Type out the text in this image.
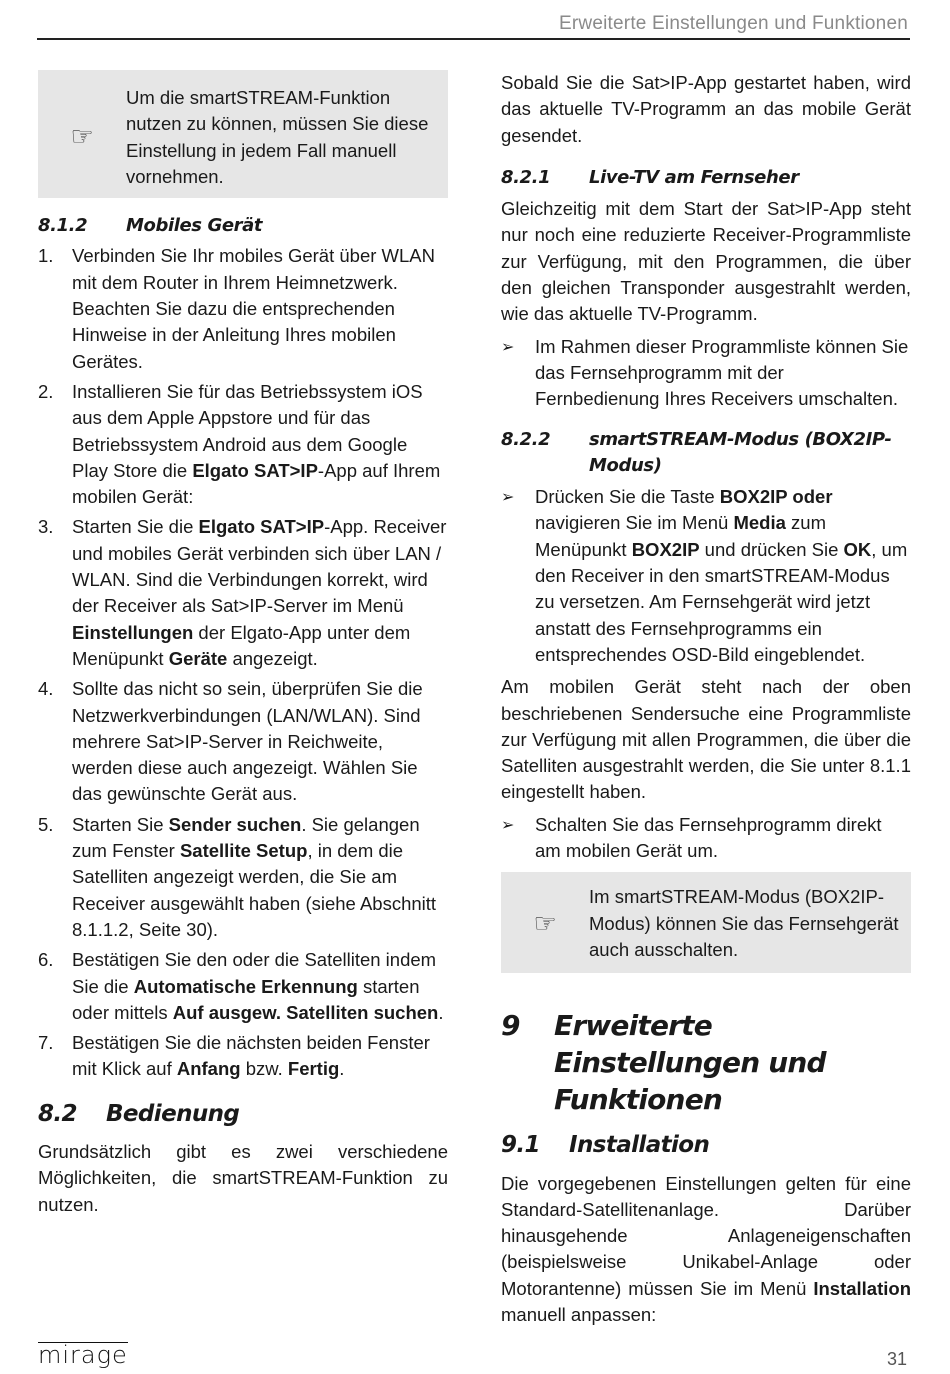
Erweiterte Einstellungen und Funktionen
☞

Um die smartSTREAM-Funktion nutzen zu können, müssen Sie diese Einstellung in jedem Fall manuell vornehmen.

8.1.2	Mobiles Gerät
1.	Verbinden Sie Ihr mobiles Gerät über WLAN mit dem Router in Ihrem Heimnetzwerk. Beachten Sie dazu die entsprechenden Hinweise in der Anleitung Ihres mobilen Gerätes.
2.	Installieren Sie für das Betriebssystem iOS aus dem Apple Appstore und für das Betriebssystem Android aus dem Google Play Store die Elgato SAT>IP-App auf Ihrem mobilen Gerät:
3.	Starten Sie die Elgato SAT>IP-App. Receiver und mobiles Gerät verbinden sich über LAN / WLAN. Sind die Verbindungen korrekt, wird der Receiver als Sat>IP-Server im Menü Einstellungen der Elgato-App unter dem Menüpunkt Geräte angezeigt.
4.	Sollte das nicht so sein, überprüfen Sie die Netzwerkverbindungen (LAN/WLAN). Sind mehrere Sat>IP-Server in Reichweite, werden diese auch angezeigt. Wählen Sie das gewünschte Gerät aus.
5.	Starten Sie Sender suchen. Sie gelangen zum Fenster Satellite Setup, in dem die Satelliten angezeigt werden, die Sie am Receiver ausgewählt haben (siehe Abschnitt 8.1.1.2, Seite 30).
6.	Bestätigen Sie den oder die Satelliten indem Sie die Automatische Erkennung starten oder mittels Auf ausgew. Satelliten suchen.
7.	Bestätigen Sie die nächsten beiden Fenster mit Klick auf Anfang bzw. Fertig.
8.2	Bedienung

Grundsätzlich gibt es zwei verschiedene Möglichkeiten, die smartSTREAM-Funktion zu nutzen.

Sobald Sie die Sat>IP-App gestartet haben, wird das aktuelle TV-Programm an das mobile Gerät gesendet.

8.2.1	Live-TV am Fernseher

Gleichzeitig mit dem Start der Sat>IP-App steht nur noch eine reduzierte Receiver-Programmliste zur Verfügung, mit den Programmen, die über den gleichen Transponder ausgestrahlt werden, wie das aktuelle TV-Programm.

➢	Im Rahmen dieser Programmliste können Sie das Fernsehprogramm mit der Fernbedienung Ihres Receivers umschalten.
8.2.2	smartSTREAM-Modus (BOX2IP-Modus)
➢	Drücken Sie die Taste BOX2IP oder navigieren Sie im Menü Media zum Menüpunkt BOX2IP und drücken Sie OK, um den Receiver in den smartSTREAM-Modus zu versetzen. Am Fernsehgerät wird jetzt anstatt des Fernsehprogramms ein entsprechendes OSD-Bild eingeblendet.

Am mobilen Gerät steht nach der oben beschriebenen Sendersuche eine Programmliste zur Verfügung mit allen Programmen, die über die Satelliten ausgestrahlt werden, die Sie unter 8.1.1 eingestellt haben.

➢	Schalten Sie das Fernsehprogramm direkt am mobilen Gerät um.
☞

Im smartSTREAM-Modus (BOX2IP-Modus) können Sie das Fernsehgerät auch ausschalten.

9	Erweiterte Einstellungen und Funktionen
9.1	Installation

Die vorgegebenen Einstellungen gelten für eine Standard-Satellitenanlage. Darüber hinausgehende Anlageneigenschaften (beispielsweise Unikabel-Anlage oder Motorantenne) müssen Sie im Menü Installation manuell anpassen:

mirage	31
